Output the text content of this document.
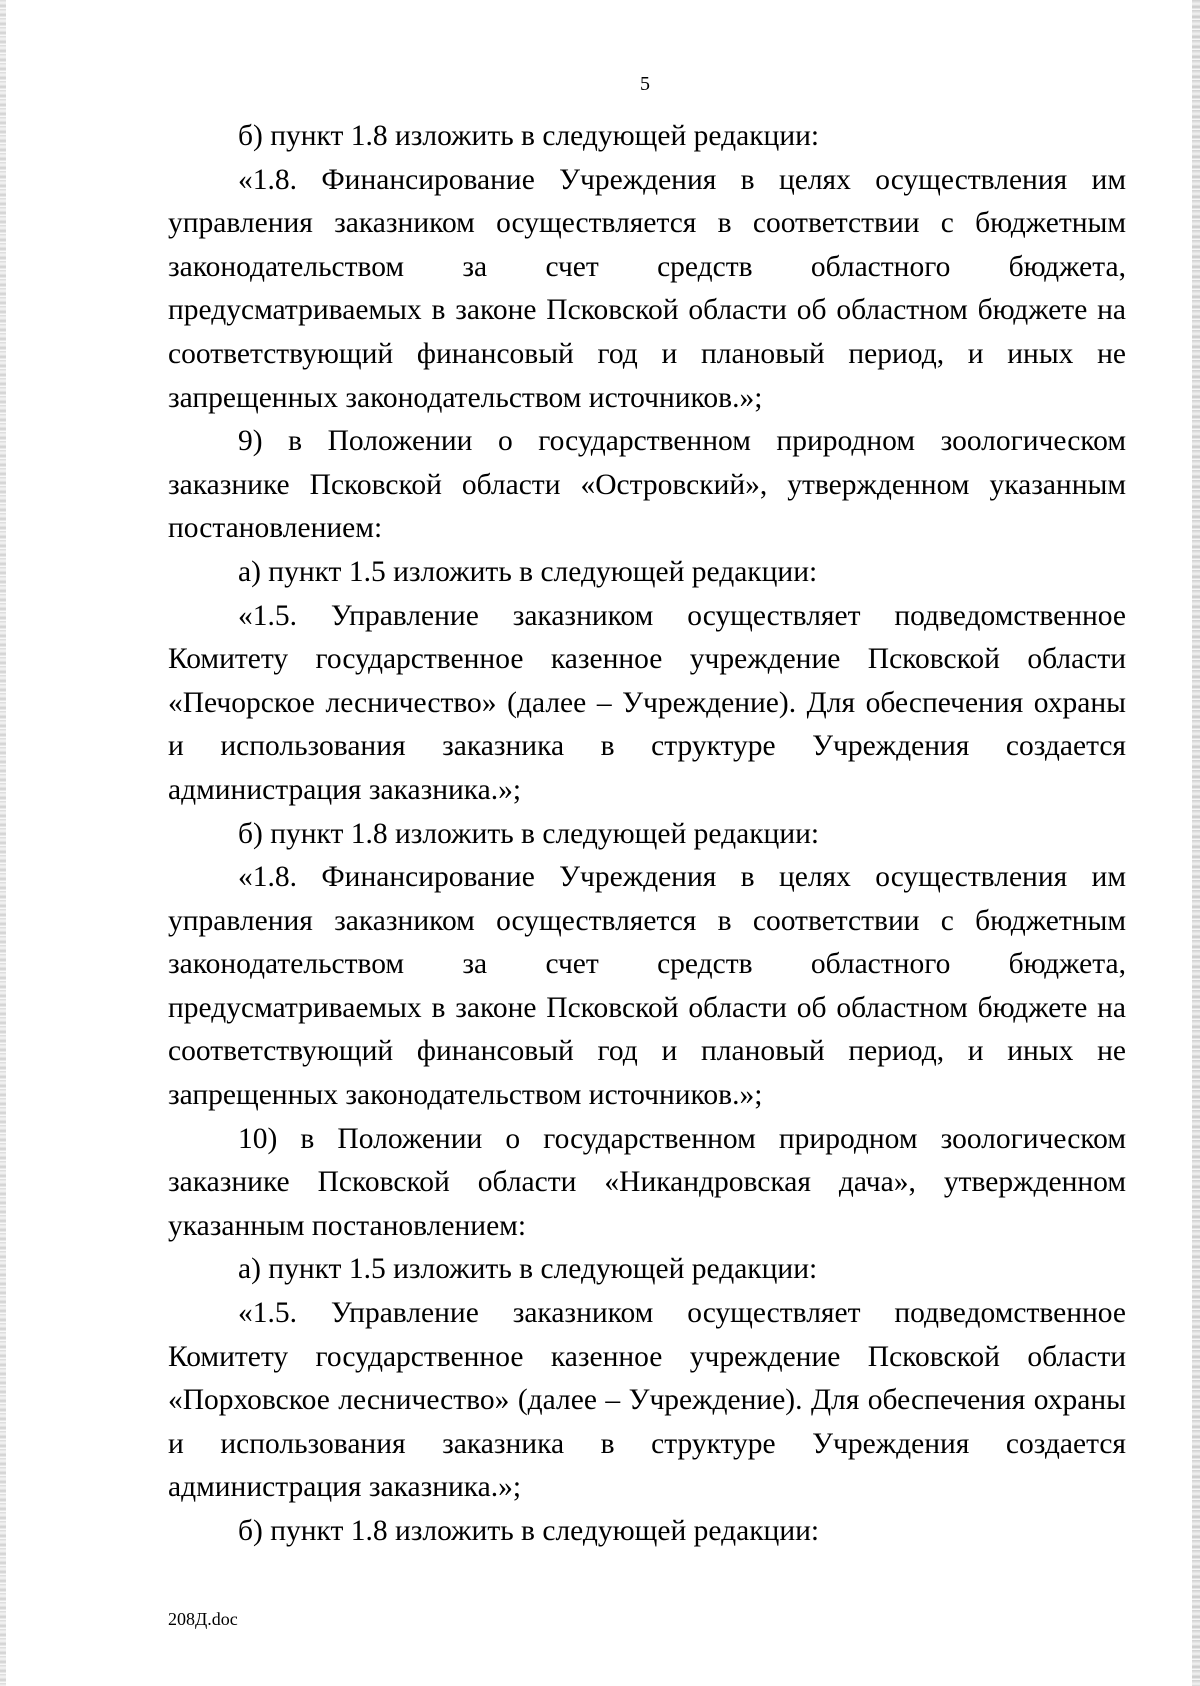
5

б) пункт 1.8 изложить в следующей редакции:

«1.8. Финансирование Учреждения в целях осуществления им управления заказником осуществляется в соответствии с бюджетным законодательством за счет средств областного бюджета, предусматриваемых в законе Псковской области об областном бюджете на соответствующий финансовый год и плановый период, и иных не запрещенных законодательством источников.»;

9) в Положении о государственном природном зоологическом заказнике Псковской области «Островский», утвержденном указанным постановлением:

а) пункт 1.5 изложить в следующей редакции:

«1.5. Управление заказником осуществляет подведомственное Комитету государственное казенное учреждение Псковской области «Печорское лесничество» (далее – Учреждение). Для обеспечения охраны и использования заказника в структуре Учреждения создается администрация заказника.»;

б) пункт 1.8 изложить в следующей редакции:

«1.8. Финансирование Учреждения в целях осуществления им управления заказником осуществляется в соответствии с бюджетным законодательством за счет средств областного бюджета, предусматриваемых в законе Псковской области об областном бюджете на соответствующий финансовый год и плановый период, и иных не запрещенных законодательством источников.»;

10) в Положении о государственном природном зоологическом заказнике Псковской области «Никандровская дача», утвержденном указанным постановлением:

а) пункт 1.5 изложить в следующей редакции:

«1.5. Управление заказником осуществляет подведомственное Комитету государственное казенное учреждение Псковской области «Порховское лесничество» (далее – Учреждение). Для обеспечения охраны и использования заказника в структуре Учреждения создается администрация заказника.»;

б) пункт 1.8 изложить в следующей редакции:

208Д.doc
